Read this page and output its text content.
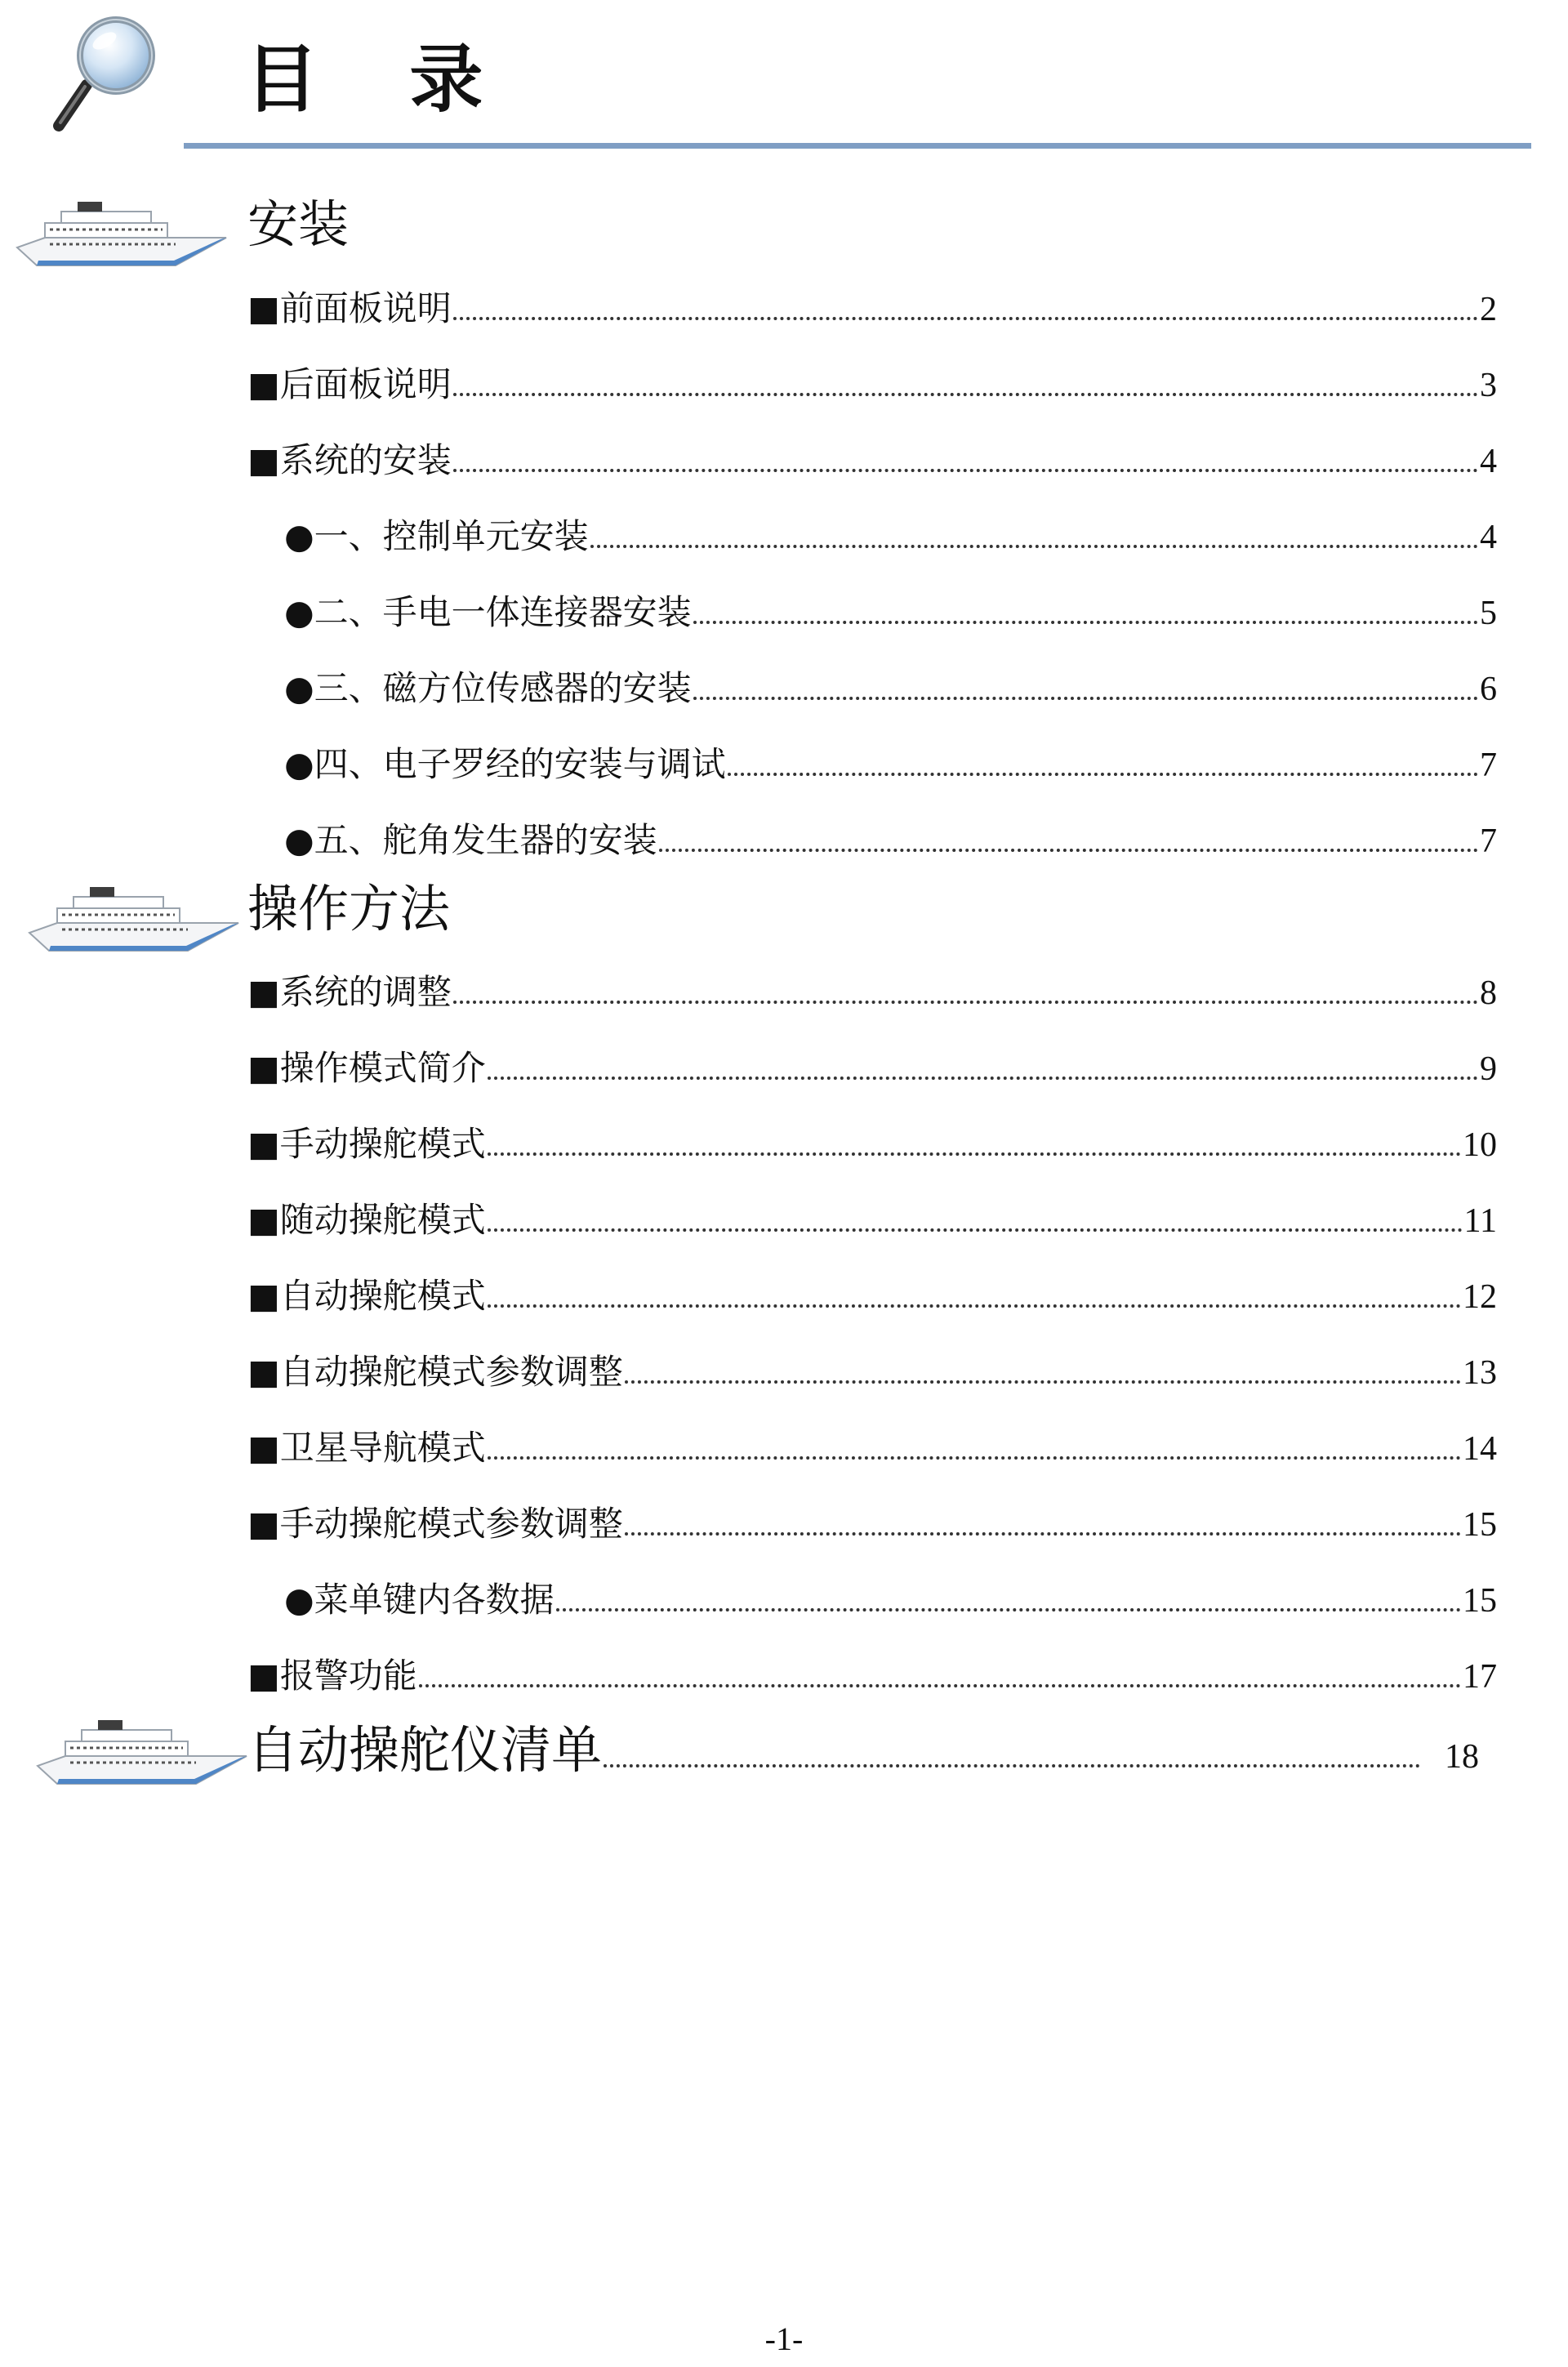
目 录
安装
■ 前面板说明	2
■ 后面板说明	3
■ 系统的安装	4
● 一、控制单元安装	4
● 二、手电一体连接器安装	5
● 三、磁方位传感器的安装	6
● 四、电子罗经的安装与调试	7
● 五、舵角发生器的安装	7
操作方法
■ 系统的调整	8
■ 操作模式简介	9
■ 手动操舵模式	10
■ 随动操舵模式	11
■ 自动操舵模式	12
■ 自动操舵模式参数调整	13
■ 卫星导航模式	14
■ 手动操舵模式参数调整	15
● 菜单键内各数据	15
■ 报警功能	17
自动操舵仪清单	18
-1-
